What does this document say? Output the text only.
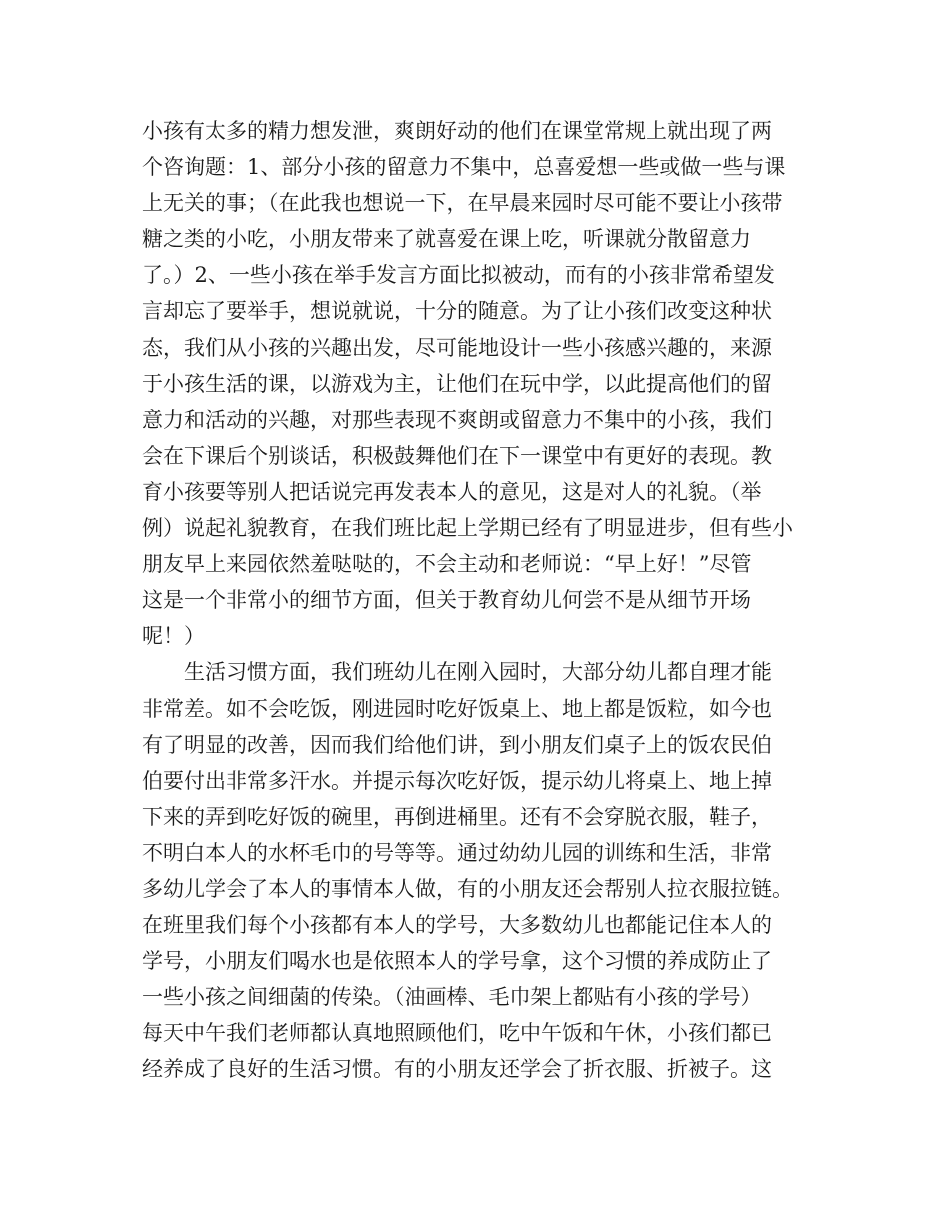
小孩有太多的精力想发泄，爽朗好动的他们在课堂常规上就出现了两
个咨询题：1、部分小孩的留意力不集中，总喜爱想一些或做一些与课
上无关的事；（在此我也想说一下，在早晨来园时尽可能不要让小孩带
糖之类的小吃，小朋友带来了就喜爱在课上吃，听课就分散留意力
了。）2、一些小孩在举手发言方面比拟被动，而有的小孩非常希望发
言却忘了要举手，想说就说，十分的随意。为了让小孩们改变这种状
态，我们从小孩的兴趣出发，尽可能地设计一些小孩感兴趣的，来源
于小孩生活的课，以游戏为主，让他们在玩中学，以此提高他们的留
意力和活动的兴趣，对那些表现不爽朗或留意力不集中的小孩，我们
会在下课后个别谈话，积极鼓舞他们在下一课堂中有更好的表现。教
育小孩要等别人把话说完再发表本人的意见，这是对人的礼貌。（举
例）说起礼貌教育，在我们班比起上学期已经有了明显进步，但有些小
朋友早上来园依然羞哒哒的，不会主动和老师说：“早上好！”尽管
这是一个非常小的细节方面，但关于教育幼儿何尝不是从细节开场
呢！）
生活习惯方面，我们班幼儿在刚入园时，大部分幼儿都自理才能
非常差。如不会吃饭，刚进园时吃好饭桌上、地上都是饭粒，如今也
有了明显的改善，因而我们给他们讲，到小朋友们桌子上的饭农民伯
伯要付出非常多汗水。并提示每次吃好饭，提示幼儿将桌上、地上掉
下来的弄到吃好饭的碗里，再倒进桶里。还有不会穿脱衣服，鞋子，
不明白本人的水杯毛巾的号等等。通过幼幼儿园的训练和生活，非常
多幼儿学会了本人的事情本人做，有的小朋友还会帮别人拉衣服拉链。
在班里我们每个小孩都有本人的学号，大多数幼儿也都能记住本人的
学号，小朋友们喝水也是依照本人的学号拿，这个习惯的养成防止了
一些小孩之间细菌的传染。（油画棒、毛巾架上都贴有小孩的学号）
每天中午我们老师都认真地照顾他们，吃中午饭和午休，小孩们都已
经养成了良好的生活习惯。有的小朋友还学会了折衣服、折被子。这
